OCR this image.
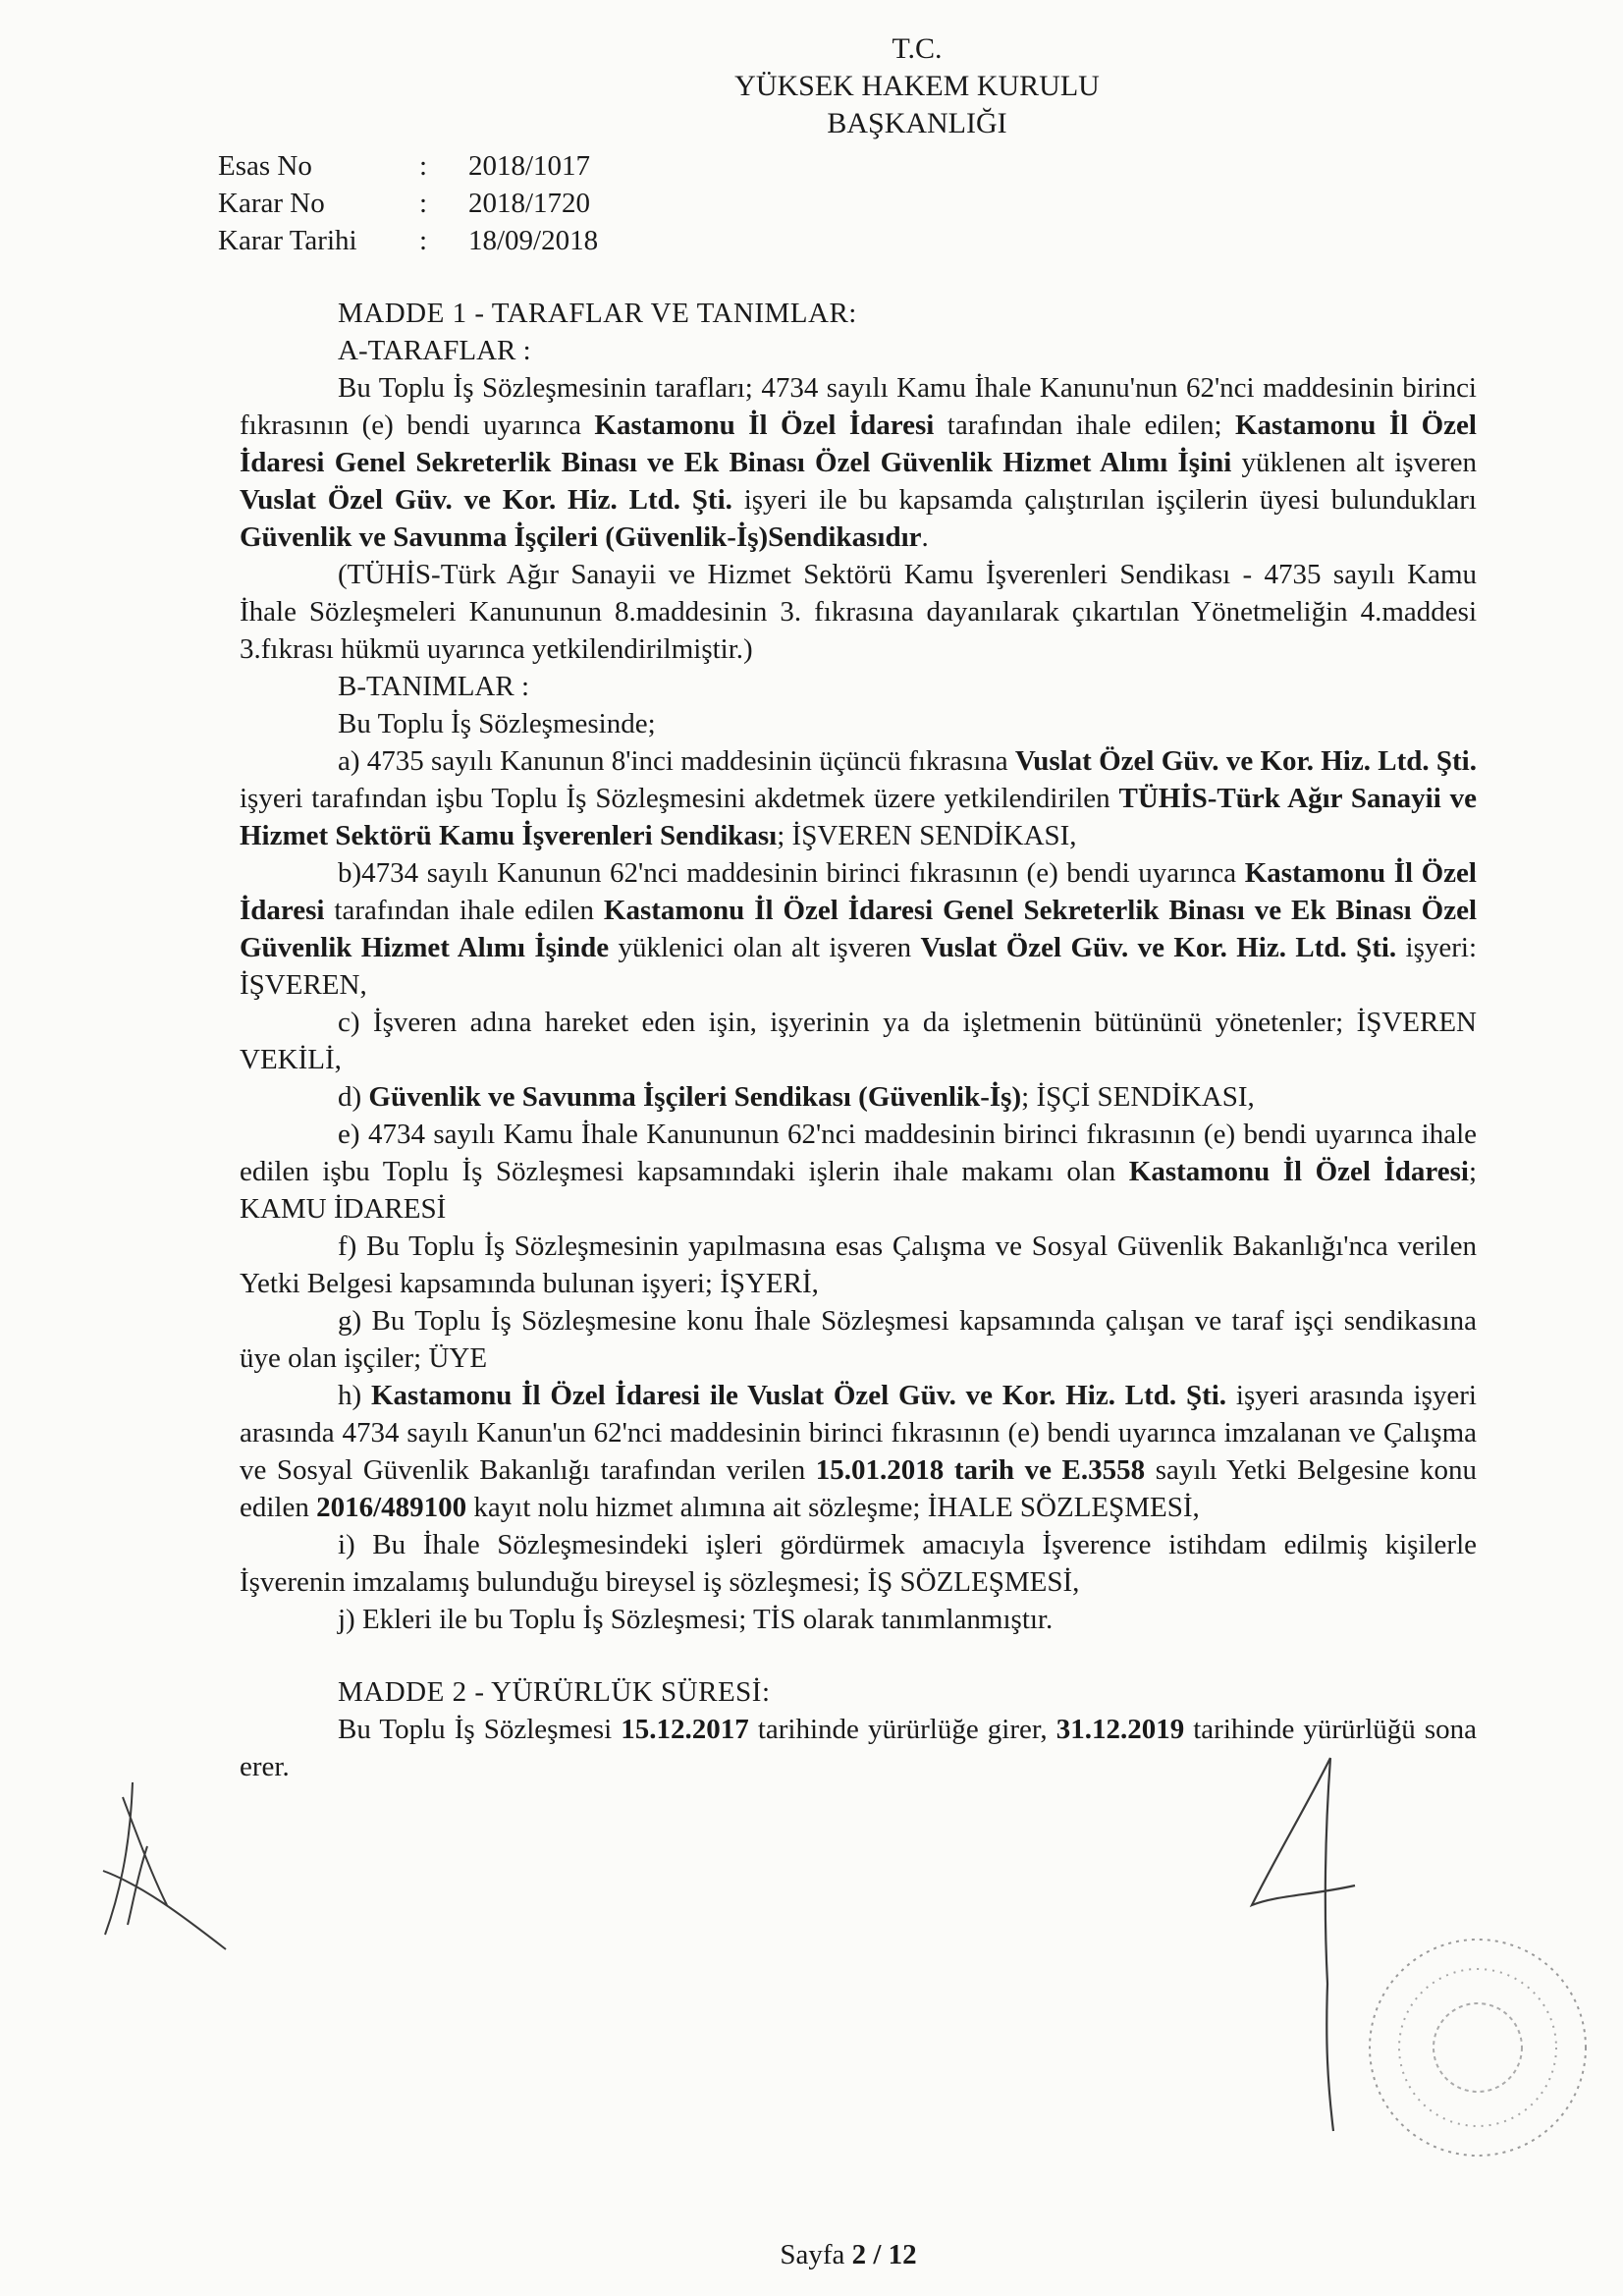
T.C.
YÜKSEK HAKEM KURULU
BAŞKANLIĞI
Esas No	:	2018/1017
Karar No	:	2018/1720
Karar Tarihi	:	18/09/2018

MADDE 1 - TARAFLAR VE TANIMLAR:

A-TARAFLAR :

Bu Toplu İş Sözleşmesinin tarafları; 4734 sayılı Kamu İhale Kanunu'nun 62'nci maddesinin birinci fıkrasının (e) bendi uyarınca Kastamonu İl Özel İdaresi tarafından ihale edilen; Kastamonu İl Özel İdaresi Genel Sekreterlik Binası ve Ek Binası Özel Güvenlik Hizmet Alımı İşini yüklenen alt işveren Vuslat Özel Güv. ve Kor. Hiz. Ltd. Şti. işyeri ile bu kapsamda çalıştırılan işçilerin üyesi bulundukları Güvenlik ve Savunma İşçileri (Güvenlik-İş)Sendikasıdır.

(TÜHİS-Türk Ağır Sanayii ve Hizmet Sektörü Kamu İşverenleri Sendikası - 4735 sayılı Kamu İhale Sözleşmeleri Kanununun 8.maddesinin 3. fıkrasına dayanılarak çıkartılan Yönetmeliğin 4.maddesi 3.fıkrası hükmü uyarınca yetkilendirilmiştir.)

B-TANIMLAR :

Bu Toplu İş Sözleşmesinde;

a) 4735 sayılı Kanunun 8'inci maddesinin üçüncü fıkrasına Vuslat Özel Güv. ve Kor. Hiz. Ltd. Şti. işyeri tarafından işbu Toplu İş Sözleşmesini akdetmek üzere yetkilendirilen TÜHİS-Türk Ağır Sanayii ve Hizmet Sektörü Kamu İşverenleri Sendikası; İŞVEREN SENDİKASI,

b)4734 sayılı Kanunun 62'nci maddesinin birinci fıkrasının (e) bendi uyarınca Kastamonu İl Özel İdaresi tarafından ihale edilen Kastamonu İl Özel İdaresi Genel Sekreterlik Binası ve Ek Binası Özel Güvenlik Hizmet Alımı İşinde yüklenici olan alt işveren Vuslat Özel Güv. ve Kor. Hiz. Ltd. Şti. işyeri: İŞVEREN,

c) İşveren adına hareket eden işin, işyerinin ya da işletmenin bütününü yönetenler; İŞVEREN VEKİLİ,

d) Güvenlik ve Savunma İşçileri Sendikası (Güvenlik-İş); İŞÇİ SENDİKASI,

e) 4734 sayılı Kamu İhale Kanununun 62'nci maddesinin birinci fıkrasının (e) bendi uyarınca ihale edilen işbu Toplu İş Sözleşmesi kapsamındaki işlerin ihale makamı olan Kastamonu İl Özel İdaresi; KAMU İDARESİ

f) Bu Toplu İş Sözleşmesinin yapılmasına esas Çalışma ve Sosyal Güvenlik Bakanlığı'nca verilen Yetki Belgesi kapsamında bulunan işyeri; İŞYERİ,

g) Bu Toplu İş Sözleşmesine konu İhale Sözleşmesi kapsamında çalışan ve taraf işçi sendikasına üye olan işçiler; ÜYE

h) Kastamonu İl Özel İdaresi ile Vuslat Özel Güv. ve Kor. Hiz. Ltd. Şti. işyeri arasında işyeri arasında 4734 sayılı Kanun'un 62'nci maddesinin birinci fıkrasının (e) bendi uyarınca imzalanan ve Çalışma ve Sosyal Güvenlik Bakanlığı tarafından verilen 15.01.2018 tarih ve E.3558 sayılı Yetki Belgesine konu edilen 2016/489100 kayıt nolu hizmet alımına ait sözleşme; İHALE SÖZLEŞMESİ,

i) Bu İhale Sözleşmesindeki işleri gördürmek amacıyla İşverence istihdam edilmiş kişilerle İşverenin imzalamış bulunduğu bireysel iş sözleşmesi; İŞ SÖZLEŞMESİ,

j) Ekleri ile bu Toplu İş Sözleşmesi; TİS olarak tanımlanmıştır.

MADDE 2 - YÜRÜRLÜK SÜRESİ:

Bu Toplu İş Sözleşmesi 15.12.2017 tarihinde yürürlüğe girer, 31.12.2019 tarihinde yürürlüğü sona erer.

Sayfa 2 / 12
